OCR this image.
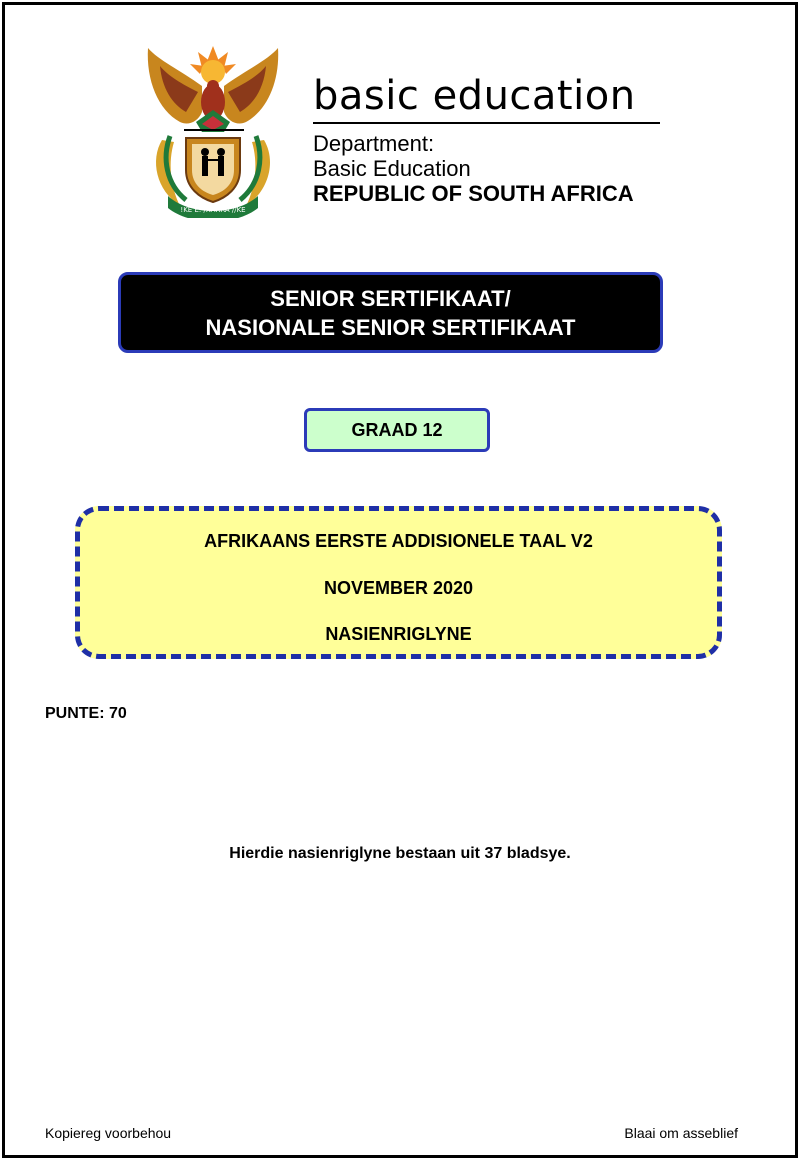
!KE E: /XARRA //KE
basic education
Department:
Basic Education
REPUBLIC OF SOUTH AFRICA
SENIOR SERTIFIKAAT/
NASIONALE SENIOR SERTIFIKAAT
GRAAD 12
AFRIKAANS EERSTE ADDISIONELE TAAL V2
NOVEMBER 2020
NASIENRIGLYNE
PUNTE: 70
Hierdie nasienriglyne bestaan uit 37 bladsye.
Kopiereg voorbehou	Blaai om asseblief
